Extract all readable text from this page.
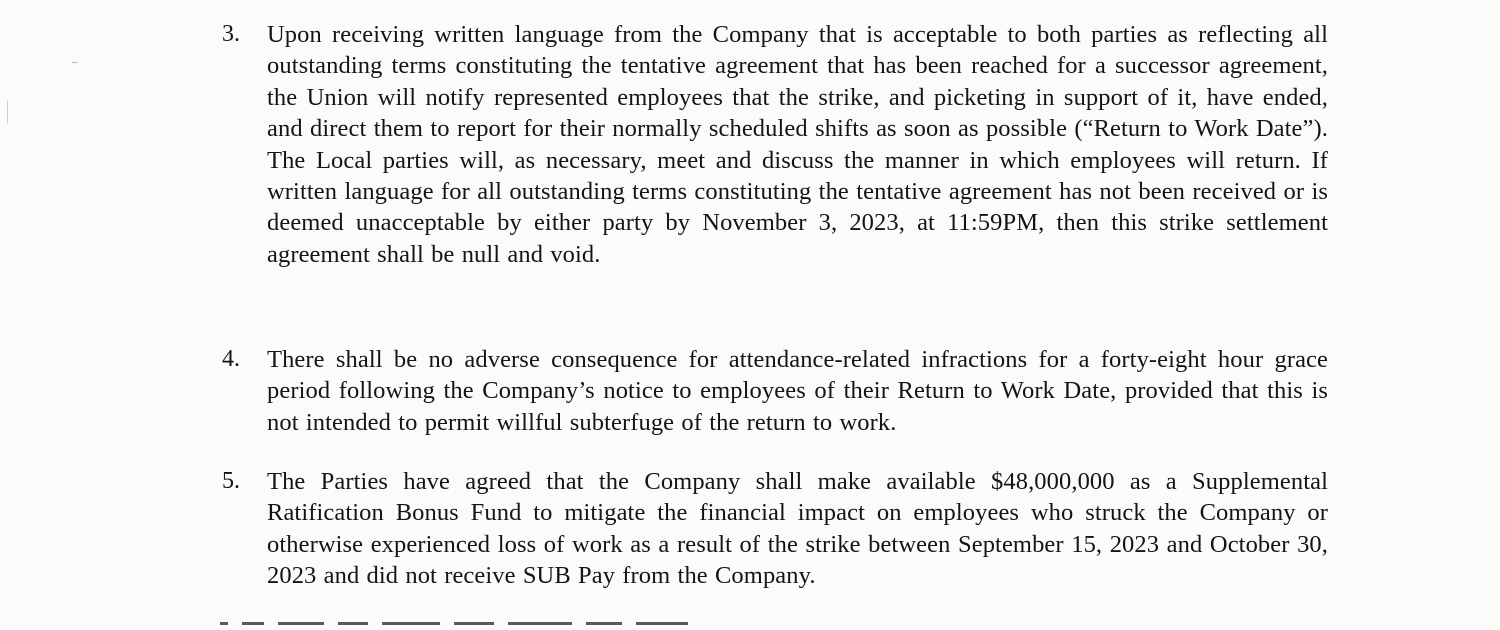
3.	Upon receiving written language from the Company that is acceptable to both parties as reflecting all outstanding terms constituting the tentative agreement that has been reached for a successor agreement, the Union will notify represented employees that the strike, and picketing in support of it, have ended, and direct them to report for their normally scheduled shifts as soon as possible (“Return to Work Date”). The Local parties will, as necessary, meet and discuss the manner in which employees will return. If written language for all outstanding terms constituting the tentative agreement has not been received or is deemed unacceptable by either party by November 3, 2023, at 11:59PM, then this strike settlement agreement shall be null and void.
4.	There shall be no adverse consequence for attendance-related infractions for a forty-eight hour grace period following the Company’s notice to employees of their Return to Work Date, provided that this is not intended to permit willful subterfuge of the return to work.
5.	The Parties have agreed that the Company shall make available $48,000,000 as a Supplemental Ratification Bonus Fund to mitigate the financial impact on employees who struck the Company or otherwise experienced loss of work as a result of the strike between September 15, 2023 and October 30, 2023 and did not receive SUB Pay from the Company.
